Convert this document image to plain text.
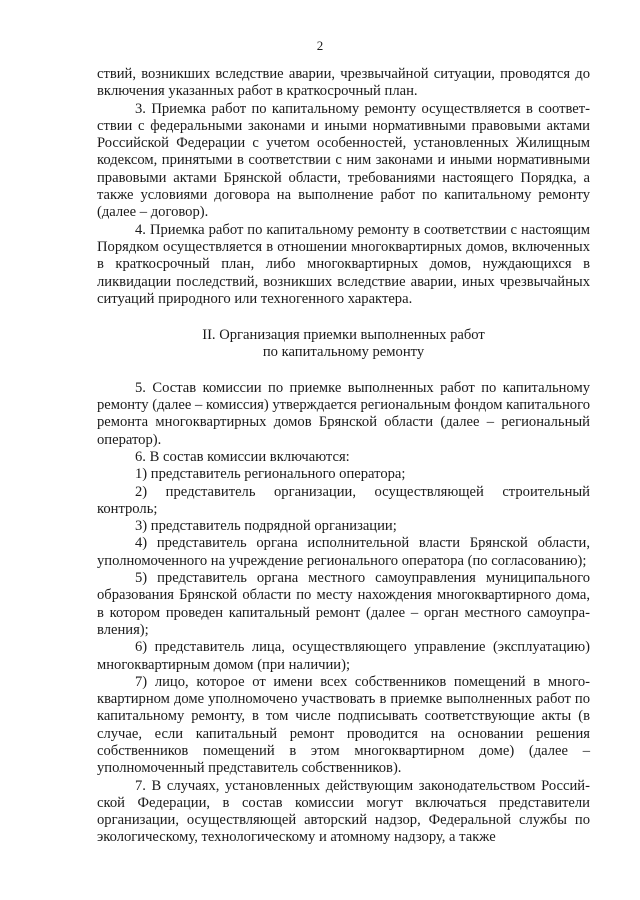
2

ствий, возникших вследствие аварии, чрезвычайной ситуации, проводятся до включения указанных работ в краткосрочный план.

3. Приемка работ по капитальному ремонту осуществляется в соответствии с федеральными законами и иными нормативными правовыми актами Российской Федерации с учетом особенностей, установленных Жилищным кодексом, принятыми в соответствии с ним законами и иными нормативными правовыми актами Брянской области, требованиями настоящего Порядка, а также условиями договора на выполнение работ по капитальному ремонту (далее – договор).

4. Приемка работ по капитальному ремонту в соответствии с настоящим Порядком осуществляется в отношении многоквартирных домов, включенных в краткосрочный план, либо многоквартирных домов, нуждающихся в ликвидации последствий, возникших вследствие аварии, иных чрезвычайных ситуаций природного или техногенного характера.

II. Организация приемки выполненных работ
по капитальному ремонту

5. Состав комиссии по приемке выполненных работ по капитальному ремонту (далее – комиссия) утверждается региональным фондом капитального ремонта многоквартирных домов Брянской области (далее – региональный оператор).

6. В состав комиссии включаются:

1) представитель регионального оператора;

2) представитель организации, осуществляющей строительный контроль;

3) представитель подрядной организации;

4) представитель органа исполнительной власти Брянской области, уполномоченного на учреждение регионального оператора (по согласованию);

5) представитель органа местного самоуправления муниципального образования Брянской области по месту нахождения многоквартирного дома, в котором проведен капитальный ремонт (далее – орган местного самоуправления);

6) представитель лица, осуществляющего управление (эксплуатацию) многоквартирным домом (при наличии);

7) лицо, которое от имени всех собственников помещений в многоквартирном доме уполномочено участвовать в приемке выполненных работ по капитальному ремонту, в том числе подписывать соответствующие акты (в случае, если капитальный ремонт проводится на основании решения собственников помещений в этом многоквартирном доме) (далее – уполномоченный представитель собственников).

7. В случаях, установленных действующим законодательством Российской Федерации, в состав комиссии могут включаться представители организации, осуществляющей авторский надзор, Федеральной службы по экологическому, технологическому и атомному надзору, а также
